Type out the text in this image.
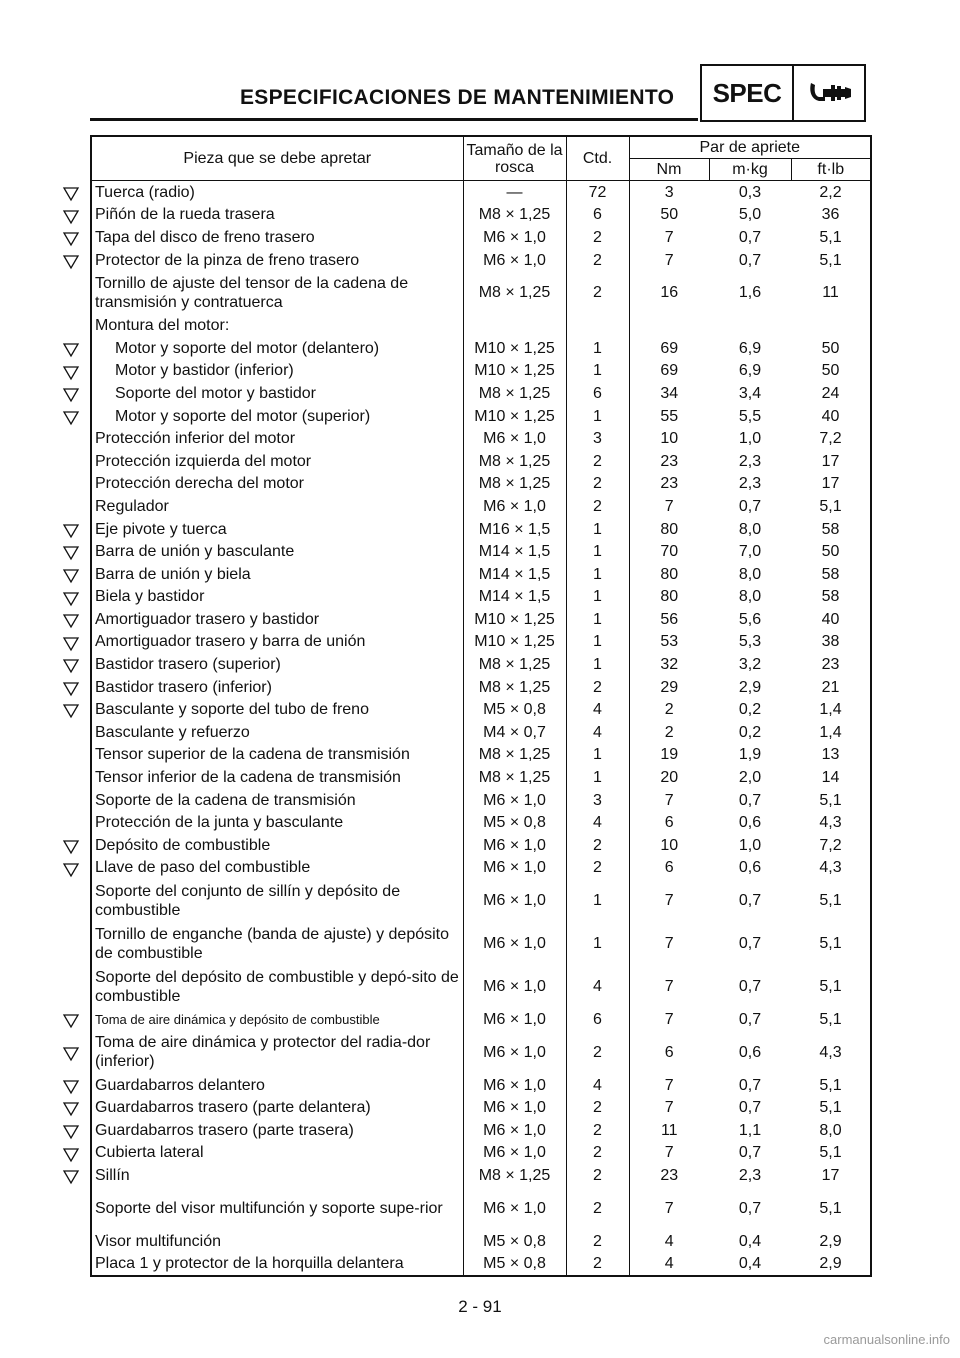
ESPECIFICACIONES DE MANTENIMIENTO	SPEC
Pieza que se debe apretar	Tamaño de la rosca	Ctd.	Par de apriete		
			Nm	m·kg	ft·lb
Tuerca (radio)	—	72	3	0,3	2,2
Piñón de la rueda trasera	M8 × 1,25	6	50	5,0	36
Tapa del disco de freno trasero	M6 × 1,0	2	7	0,7	5,1
Protector de la pinza de freno trasero	M6 × 1,0	2	7	0,7	5,1
Tornillo de ajuste del tensor de la cadena de transmisión y contratuerca	M8 × 1,25	2	16	1,6	11
Montura del motor:					
Motor y soporte del motor (delantero)	M10 × 1,25	1	69	6,9	50
Motor y bastidor (inferior)	M10 × 1,25	1	69	6,9	50
Soporte del motor y bastidor	M8 × 1,25	6	34	3,4	24
Motor y soporte del motor (superior)	M10 × 1,25	1	55	5,5	40
Protección inferior del motor	M6 × 1,0	3	10	1,0	7,2
Protección izquierda del motor	M8 × 1,25	2	23	2,3	17
Protección derecha del motor	M8 × 1,25	2	23	2,3	17
Regulador	M6 × 1,0	2	7	0,7	5,1
Eje pivote y tuerca	M16 × 1,5	1	80	8,0	58
Barra de unión y basculante	M14 × 1,5	1	70	7,0	50
Barra de unión y biela	M14 × 1,5	1	80	8,0	58
Biela y bastidor	M14 × 1,5	1	80	8,0	58
Amortiguador trasero y bastidor	M10 × 1,25	1	56	5,6	40
Amortiguador trasero y barra de unión	M10 × 1,25	1	53	5,3	38
Bastidor trasero (superior)	M8 × 1,25	1	32	3,2	23
Bastidor trasero (inferior)	M8 × 1,25	2	29	2,9	21
Basculante y soporte del tubo de freno	M5 × 0,8	4	2	0,2	1,4
Basculante y refuerzo	M4 × 0,7	4	2	0,2	1,4
Tensor superior de la cadena de transmisión	M8 × 1,25	1	19	1,9	13
Tensor inferior de la cadena de transmisión	M8 × 1,25	1	20	2,0	14
Soporte de la cadena de transmisión	M6 × 1,0	3	7	0,7	5,1
Protección de la junta y basculante	M5 × 0,8	4	6	0,6	4,3
Depósito de combustible	M6 × 1,0	2	10	1,0	7,2
Llave de paso del combustible	M6 × 1,0	2	6	0,6	4,3
Soporte del conjunto de sillín y depósito de combustible	M6 × 1,0	1	7	0,7	5,1
Tornillo de enganche (banda de ajuste) y depósito de combustible	M6 × 1,0	1	7	0,7	5,1
Soporte del depósito de combustible y depó-sito de combustible	M6 × 1,0	4	7	0,7	5,1
Toma de aire dinámica y depósito de combustible	M6 × 1,0	6	7	0,7	5,1
Toma de aire dinámica y protector del radia-dor (inferior)	M6 × 1,0	2	6	0,6	4,3
Guardabarros delantero	M6 × 1,0	4	7	0,7	5,1
Guardabarros trasero (parte delantera)	M6 × 1,0	2	7	0,7	5,1
Guardabarros trasero (parte trasera)	M6 × 1,0	2	11	1,1	8,0
Cubierta lateral	M6 × 1,0	2	7	0,7	5,1
Sillín	M8 × 1,25	2	23	2,3	17
Soporte del visor multifunción y soporte supe-rior	M6 × 1,0	2	7	0,7	5,1
Visor multifunción	M5 × 0,8	2	4	0,4	2,9
Placa 1 y protector de la horquilla delantera	M5 × 0,8	2	4	0,4	2,9
2 - 91
carmanualsonline.info
